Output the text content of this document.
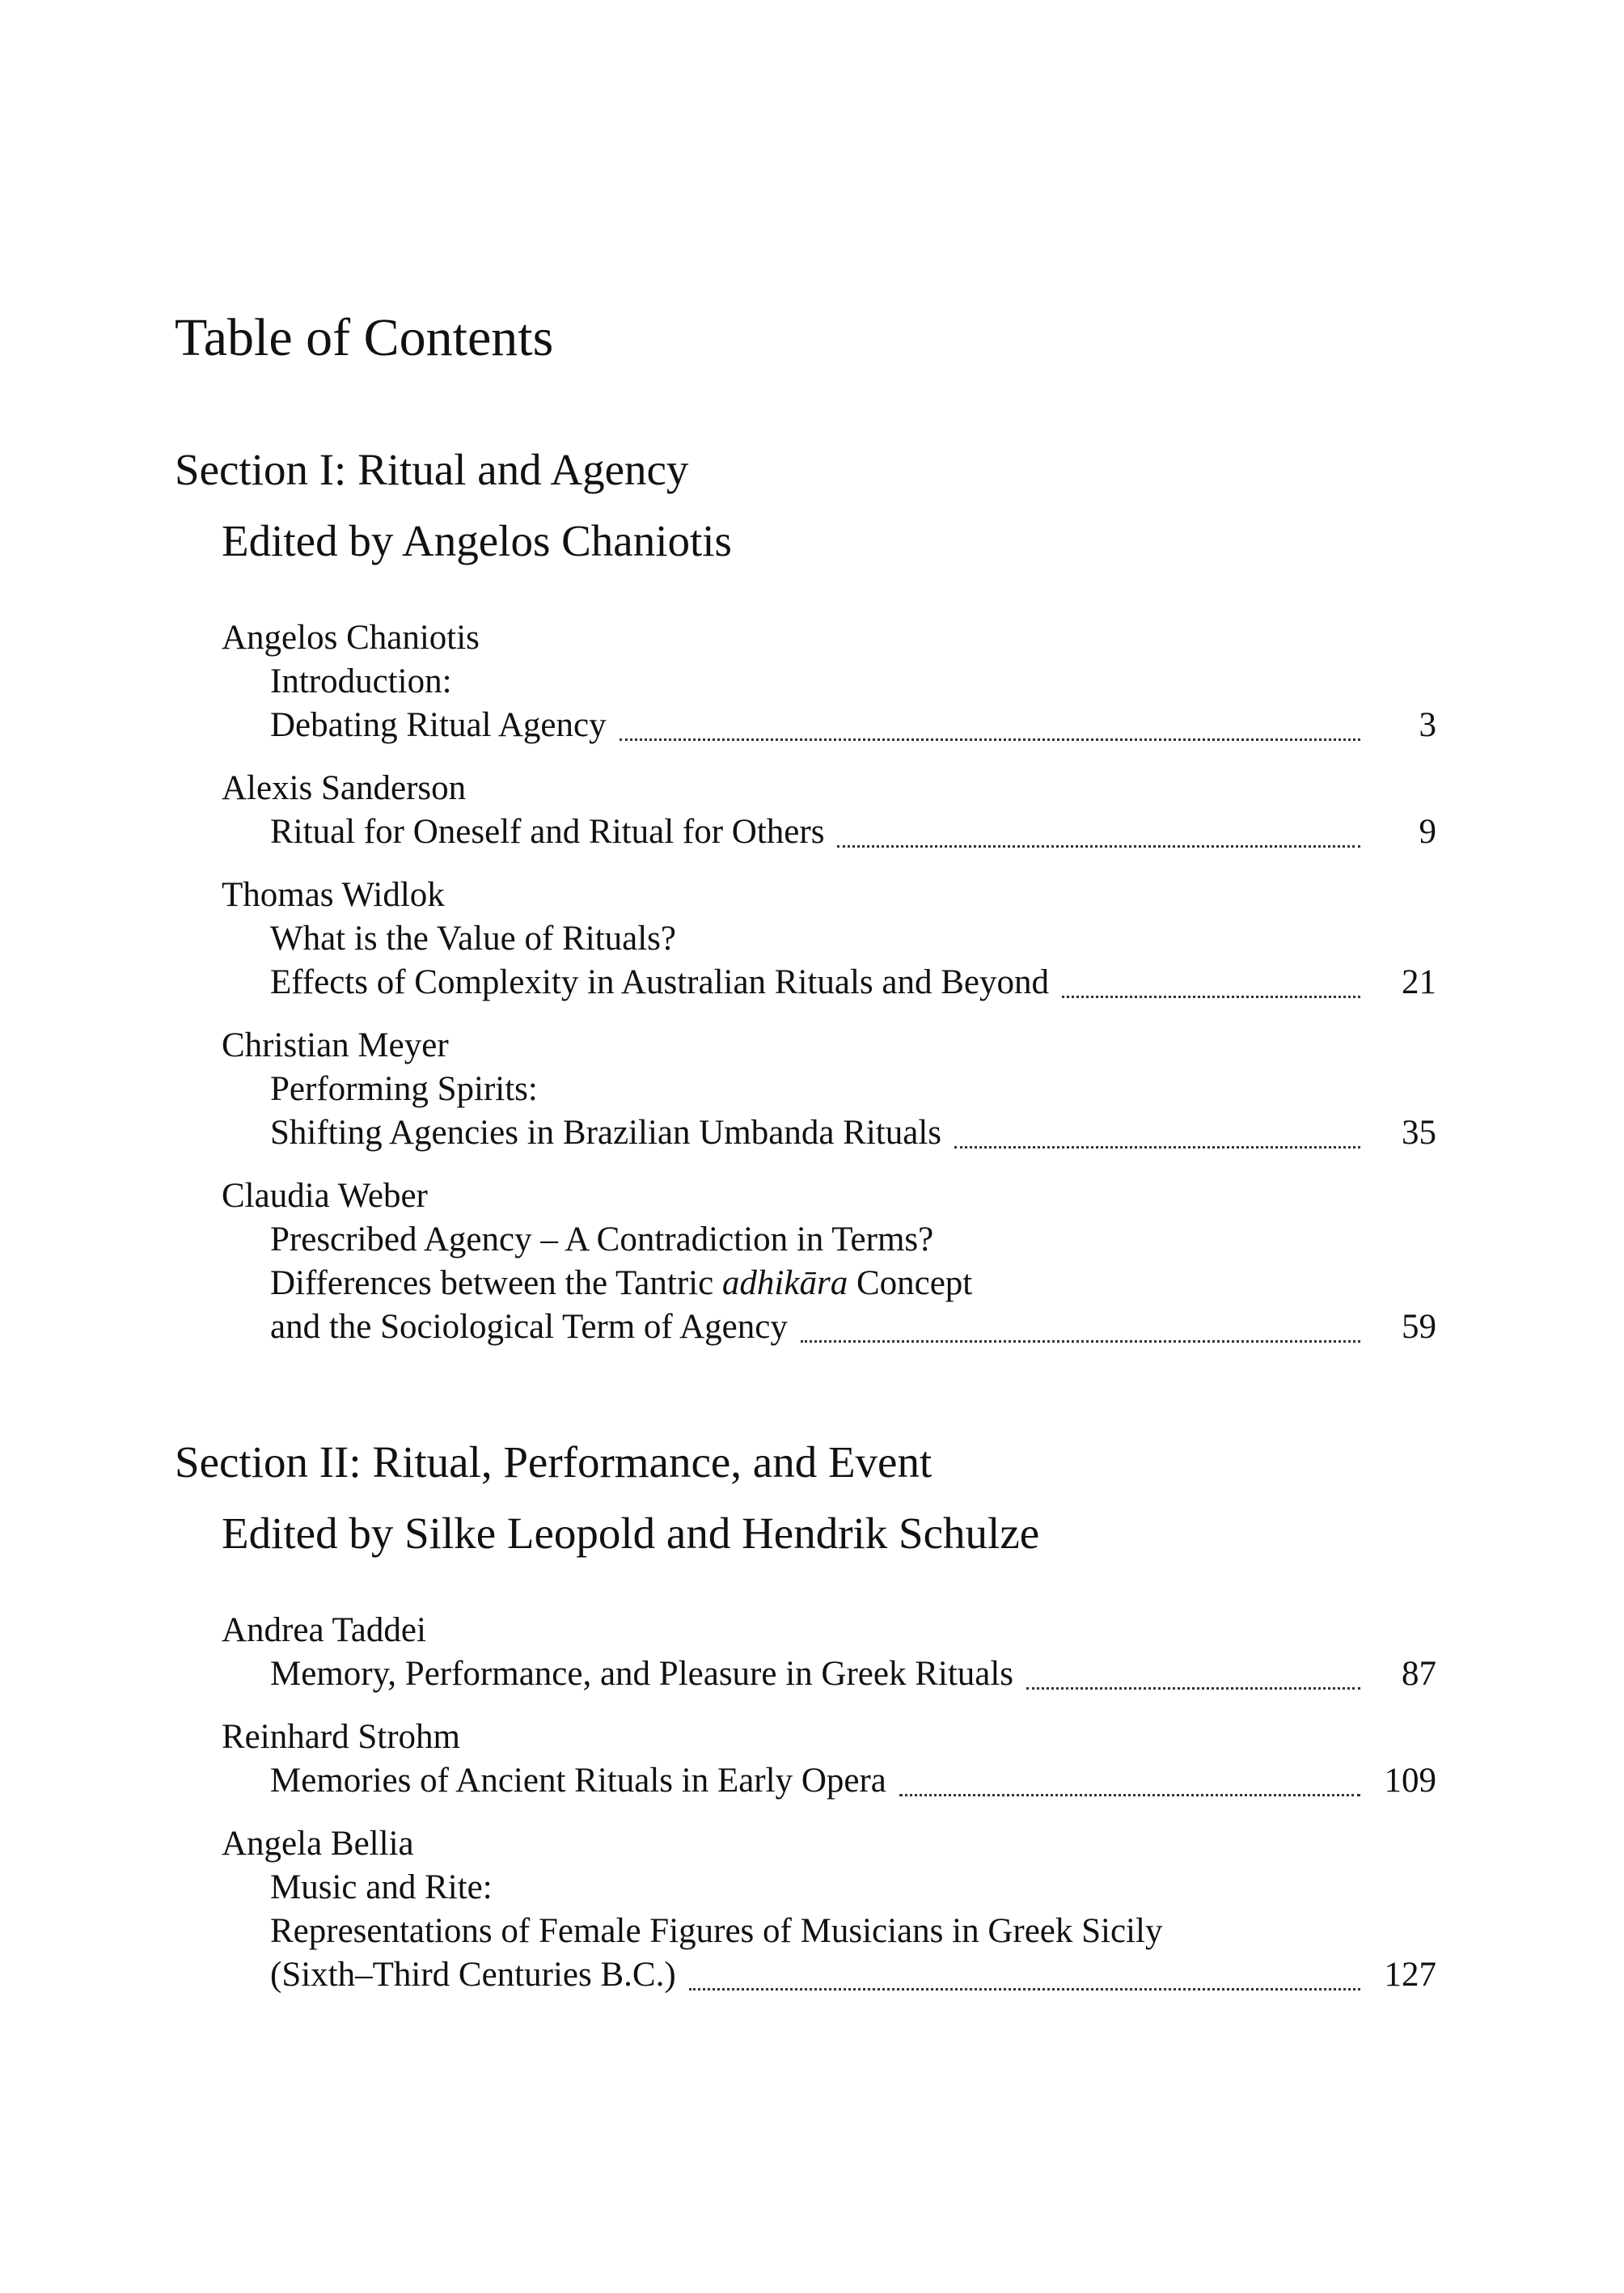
Table of Contents
Section I: Ritual and Agency
Edited by Angelos Chaniotis
Angelos Chaniotis
Introduction:
Debating Ritual Agency	3
Alexis Sanderson
Ritual for Oneself and Ritual for Others	9
Thomas Widlok
What is the Value of Rituals?
Effects of Complexity in Australian Rituals and Beyond	21
Christian Meyer
Performing Spirits:
Shifting Agencies in Brazilian Umbanda Rituals	35
Claudia Weber
Prescribed Agency – A Contradiction in Terms?
Differences between the Tantric adhikāra Concept
and the Sociological Term of Agency	59
Section II: Ritual, Performance, and Event
Edited by Silke Leopold and Hendrik Schulze
Andrea Taddei
Memory, Performance, and Pleasure in Greek Rituals	87
Reinhard Strohm
Memories of Ancient Rituals in Early Opera	109
Angela Bellia
Music and Rite:
Representations of Female Figures of Musicians in Greek Sicily
(Sixth–Third Centuries B.C.)	127
